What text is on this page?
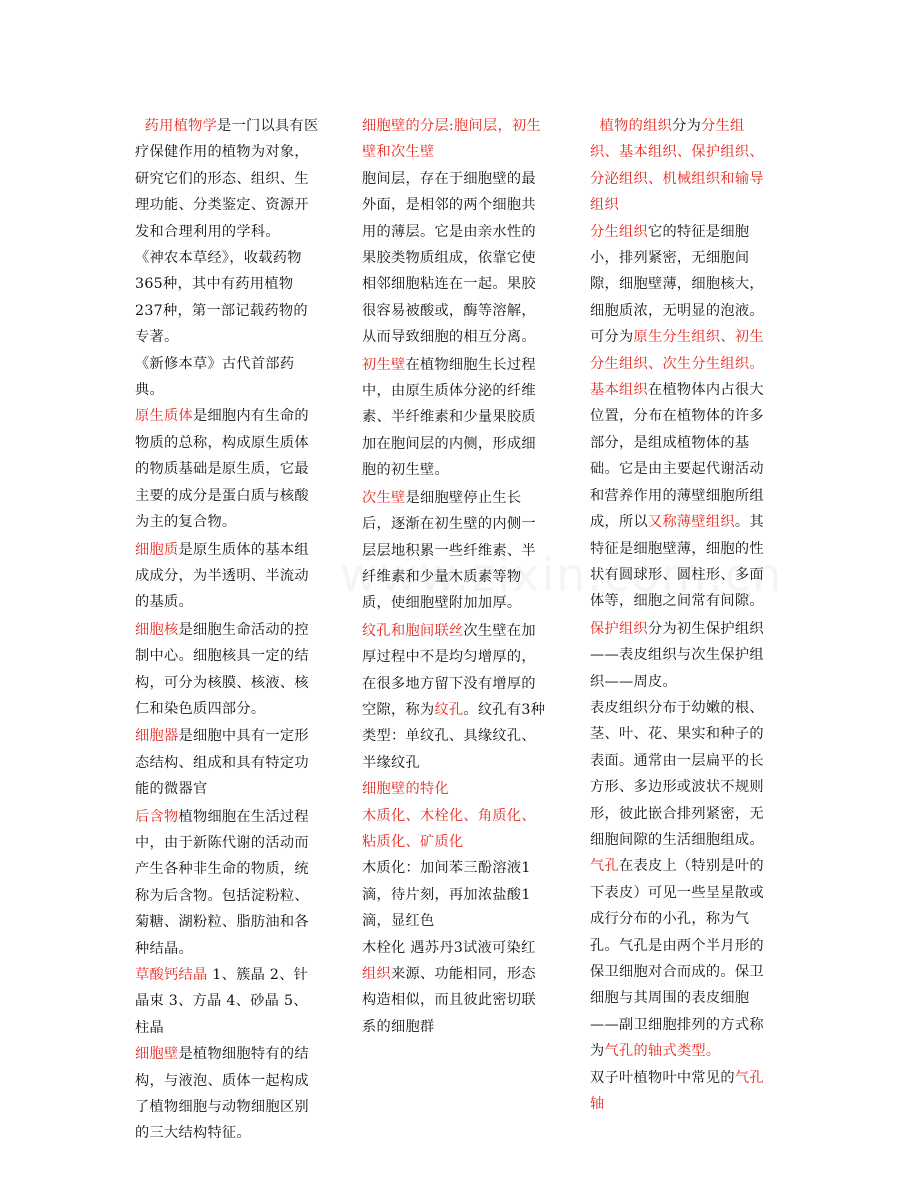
药用植物学是一门以具有医疗保健作用的植物为对象，研究它们的形态、组织、生理功能、分类鉴定、资源开发和合理利用的学科。

《神农本草经》，收载药物365种，其中有药用植物237种，第一部记载药物的专著。

《新修本草》古代首部药典。

原生质体是细胞内有生命的物质的总称，构成原生质体的物质基础是原生质，它最主要的成分是蛋白质与核酸为主的复合物。

细胞质是原生质体的基本组成成分，为半透明、半流动的基质。

细胞核是细胞生命活动的控制中心。细胞核具一定的结构，可分为核膜、核液、核仁和染色质四部分。

细胞器是细胞中具有一定形态结构、组成和具有特定功能的微器官

后含物植物细胞在生活过程中，由于新陈代谢的活动而产生各种非生命的物质，统称为后含物。包括淀粉粒、菊糖、湖粉粒、脂肪油和各种结晶。

草酸钙结晶 1、簇晶 2、针晶束 3、方晶 4、砂晶 5、柱晶

细胞壁是植物细胞特有的结构，与液泡、质体一起构成了植物细胞与动物细胞区别的三大结构特征。

细胞壁的分层:胞间层，初生壁和次生壁

胞间层，存在于细胞壁的最外面，是相邻的两个细胞共用的薄层。它是由亲水性的果胶类物质组成，依靠它使相邻细胞粘连在一起。果胶很容易被酸或，酶等溶解，从而导致细胞的相互分离。

初生壁在植物细胞生长过程中，由原生质体分泌的纤维素、半纤维素和少量果胶质加在胞间层的内侧，形成细胞的初生壁。

次生壁是细胞壁停止生长后，逐渐在初生壁的内侧一层层地积累一些纤维素、半纤维素和少量木质素等物质，使细胞壁附加加厚。

纹孔和胞间联丝次生壁在加厚过程中不是均匀增厚的，在很多地方留下没有增厚的空隙，称为纹孔。纹孔有3种类型：单纹孔、具缘纹孔、半缘纹孔

细胞壁的特化

木质化、木栓化、角质化、粘质化、矿质化

木质化：加间苯三酚溶液1滴，待片刻，再加浓盐酸1滴，显红色

木栓化 遇苏丹3试液可染红

组织来源、功能相同，形态构造相似，而且彼此密切联系的细胞群

植物的组织分为分生组织、基本组织、保护组织、分泌组织、机械组织和输导组织

分生组织它的特征是细胞小，排列紧密，无细胞间隙，细胞壁薄，细胞核大，细胞质浓，无明显的泡液。可分为原生分生组织、初生分生组织、次生分生组织。

基本组织在植物体内占很大位置，分布在植物体的许多部分，是组成植物体的基础。它是由主要起代谢活动和营养作用的薄壁细胞所组成，所以又称薄壁组织。其特征是细胞壁薄，细胞的性状有圆球形、圆柱形、多面体等，细胞之间常有间隙。

保护组织分为初生保护组织——表皮组织与次生保护组织——周皮。

表皮组织分布于幼嫩的根、茎、叶、花、果实和种子的表面。通常由一层扁平的长方形、多边形或波状不规则形，彼此嵌合排列紧密，无细胞间隙的生活细胞组成。

气孔在表皮上（特别是叶的下表皮）可见一些呈星散或成行分布的小孔，称为气孔。气孔是由两个半月形的保卫细胞对合而成的。保卫细胞与其周围的表皮细胞——副卫细胞排列的方式称为气孔的轴式类型。

双子叶植物叶中常见的气孔轴
